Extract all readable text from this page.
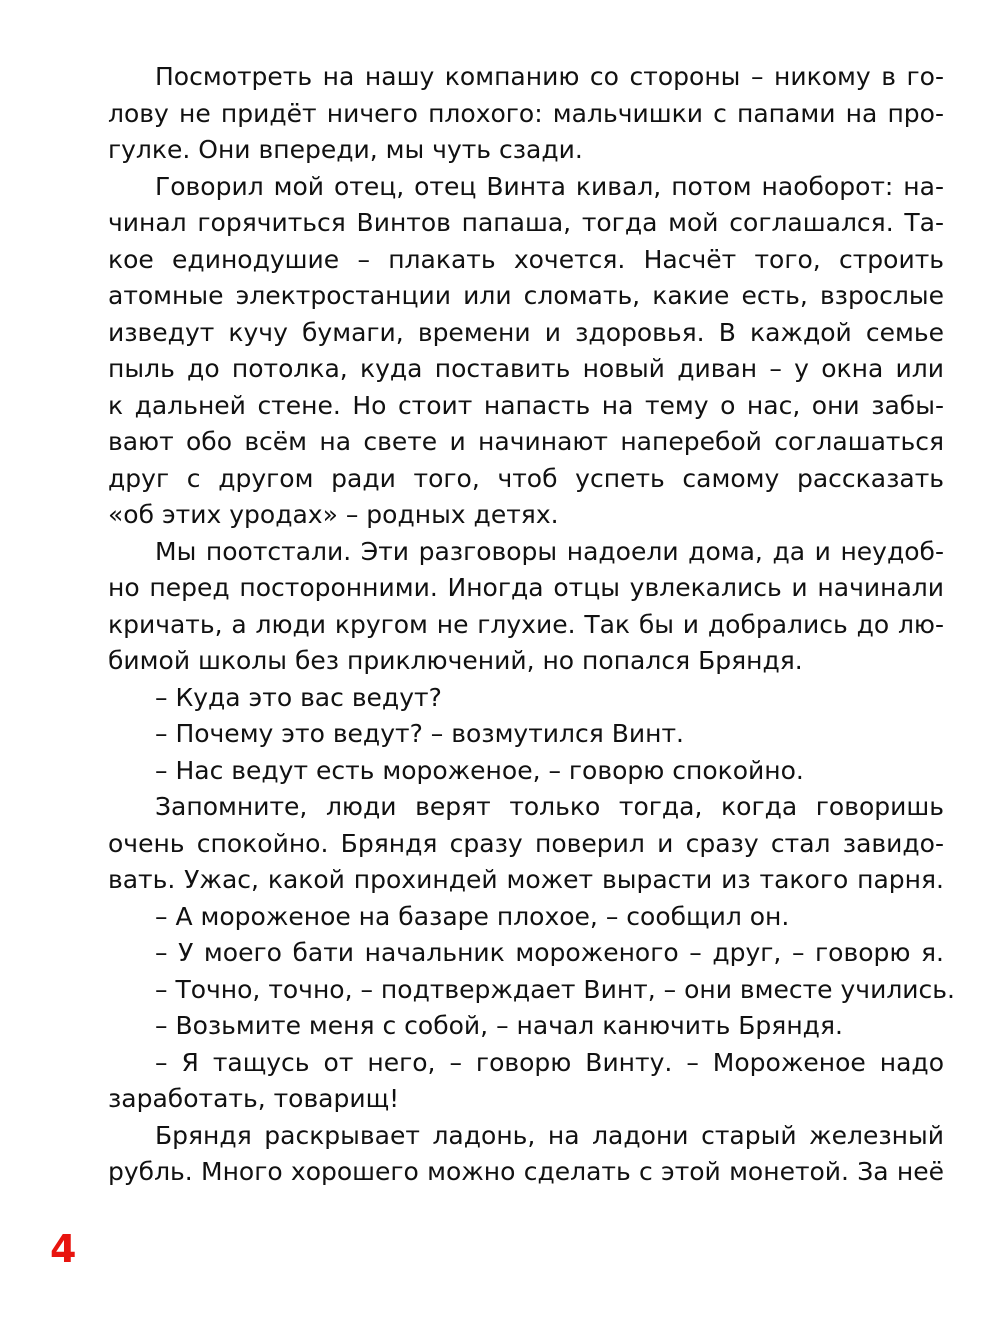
Посмотреть на нашу компанию со стороны – никому в го-
лову не придёт ничего плохого: мальчишки с папами на про-
гулке. Они впереди, мы чуть сзади.
Говорил мой отец, отец Винта кивал, потом наоборот: на-
чинал горячиться Винтов папаша, тогда мой соглашался. Та-
кое единодушие – плакать хочется. Насчёт того, строить
атомные электростанции или сломать, какие есть, взрослые
изведут кучу бумаги, времени и здоровья. В каждой семье
пыль до потолка, куда поставить новый диван – у окна или
к дальней стене. Но стоит напасть на тему о нас, они забы-
вают обо всём на свете и начинают наперебой соглашаться
друг с другом ради того, чтоб успеть самому рассказать
«об этих уродах» – родных детях.
Мы поотстали. Эти разговоры надоели дома, да и неудоб-
но перед посторонними. Иногда отцы увлекались и начинали
кричать, а люди кругом не глухие. Так бы и добрались до лю-
бимой школы без приключений, но попался Бряндя.
– Куда это вас ведут?
– Почему это ведут? – возмутился Винт.
– Нас ведут есть мороженое, – говорю спокойно.
Запомните, люди верят только тогда, когда говоришь
очень спокойно. Бряндя сразу поверил и сразу стал завидо-
вать. Ужас, какой прохиндей может вырасти из такого парня.
– А мороженое на базаре плохое, – сообщил он.
– У моего бати начальник мороженого – друг, – говорю я.
– Точно, точно, – подтверждает Винт, – они вместе учились.
– Возьмите меня с собой, – начал канючить Бряндя.
– Я тащусь от него, – говорю Винту. – Мороженое надо
заработать, товарищ!
Бряндя раскрывает ладонь, на ладони старый железный
рубль. Много хорошего можно сделать с этой монетой. За неё
4
